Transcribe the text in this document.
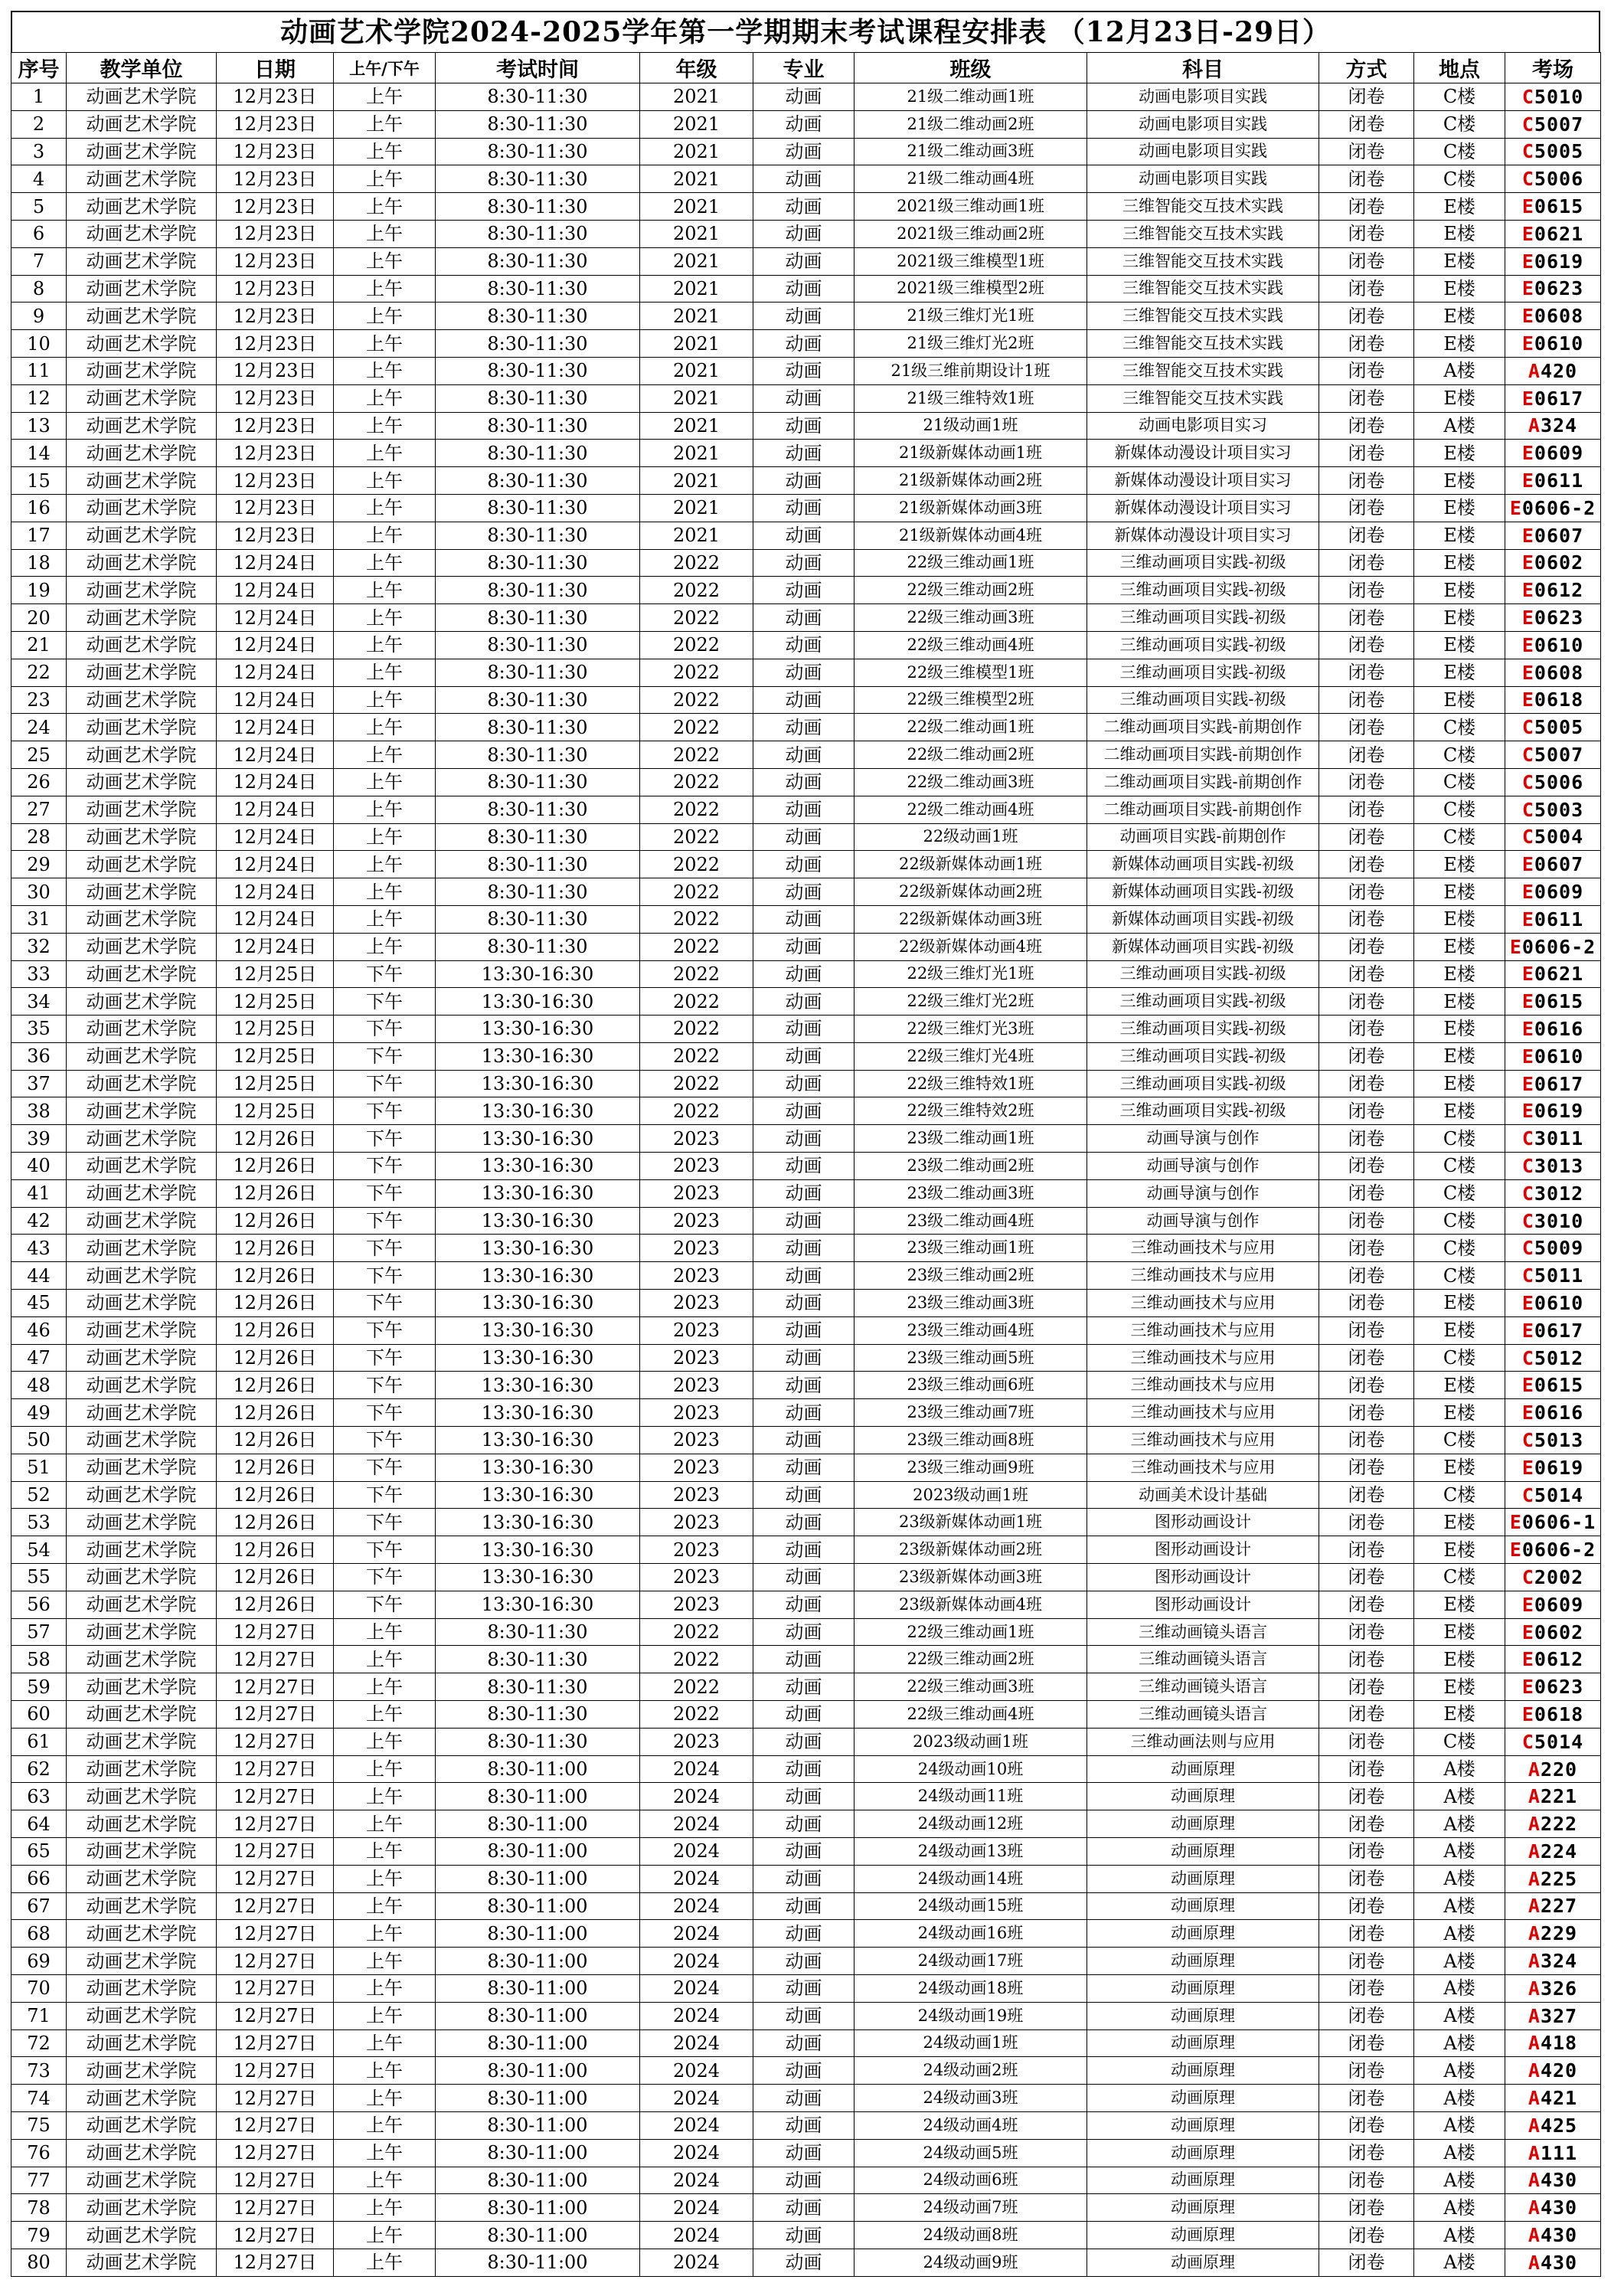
动画艺术学院2024-2025学年第一学期期末考试课程安排表 （12月23日-29日）
序号	教学单位	日期	上午/下午	考试时间	年级	专业	班级	科目	方式	地点	考场
1	动画艺术学院	12月23日	上午	8:30-11:30	2021	动画	21级二维动画1班	动画电影项目实践	闭卷	C楼	C5010
2	动画艺术学院	12月23日	上午	8:30-11:30	2021	动画	21级二维动画2班	动画电影项目实践	闭卷	C楼	C5007
3	动画艺术学院	12月23日	上午	8:30-11:30	2021	动画	21级二维动画3班	动画电影项目实践	闭卷	C楼	C5005
4	动画艺术学院	12月23日	上午	8:30-11:30	2021	动画	21级二维动画4班	动画电影项目实践	闭卷	C楼	C5006
5	动画艺术学院	12月23日	上午	8:30-11:30	2021	动画	2021级三维动画1班	三维智能交互技术实践	闭卷	E楼	E0615
6	动画艺术学院	12月23日	上午	8:30-11:30	2021	动画	2021级三维动画2班	三维智能交互技术实践	闭卷	E楼	E0621
7	动画艺术学院	12月23日	上午	8:30-11:30	2021	动画	2021级三维模型1班	三维智能交互技术实践	闭卷	E楼	E0619
8	动画艺术学院	12月23日	上午	8:30-11:30	2021	动画	2021级三维模型2班	三维智能交互技术实践	闭卷	E楼	E0623
9	动画艺术学院	12月23日	上午	8:30-11:30	2021	动画	21级三维灯光1班	三维智能交互技术实践	闭卷	E楼	E0608
10	动画艺术学院	12月23日	上午	8:30-11:30	2021	动画	21级三维灯光2班	三维智能交互技术实践	闭卷	E楼	E0610
11	动画艺术学院	12月23日	上午	8:30-11:30	2021	动画	21级三维前期设计1班	三维智能交互技术实践	闭卷	A楼	A420
12	动画艺术学院	12月23日	上午	8:30-11:30	2021	动画	21级三维特效1班	三维智能交互技术实践	闭卷	E楼	E0617
13	动画艺术学院	12月23日	上午	8:30-11:30	2021	动画	21级动画1班	动画电影项目实习	闭卷	A楼	A324
14	动画艺术学院	12月23日	上午	8:30-11:30	2021	动画	21级新媒体动画1班	新媒体动漫设计项目实习	闭卷	E楼	E0609
15	动画艺术学院	12月23日	上午	8:30-11:30	2021	动画	21级新媒体动画2班	新媒体动漫设计项目实习	闭卷	E楼	E0611
16	动画艺术学院	12月23日	上午	8:30-11:30	2021	动画	21级新媒体动画3班	新媒体动漫设计项目实习	闭卷	E楼	E0606-2
17	动画艺术学院	12月23日	上午	8:30-11:30	2021	动画	21级新媒体动画4班	新媒体动漫设计项目实习	闭卷	E楼	E0607
18	动画艺术学院	12月24日	上午	8:30-11:30	2022	动画	22级三维动画1班	三维动画项目实践-初级	闭卷	E楼	E0602
19	动画艺术学院	12月24日	上午	8:30-11:30	2022	动画	22级三维动画2班	三维动画项目实践-初级	闭卷	E楼	E0612
20	动画艺术学院	12月24日	上午	8:30-11:30	2022	动画	22级三维动画3班	三维动画项目实践-初级	闭卷	E楼	E0623
21	动画艺术学院	12月24日	上午	8:30-11:30	2022	动画	22级三维动画4班	三维动画项目实践-初级	闭卷	E楼	E0610
22	动画艺术学院	12月24日	上午	8:30-11:30	2022	动画	22级三维模型1班	三维动画项目实践-初级	闭卷	E楼	E0608
23	动画艺术学院	12月24日	上午	8:30-11:30	2022	动画	22级三维模型2班	三维动画项目实践-初级	闭卷	E楼	E0618
24	动画艺术学院	12月24日	上午	8:30-11:30	2022	动画	22级二维动画1班	二维动画项目实践-前期创作	闭卷	C楼	C5005
25	动画艺术学院	12月24日	上午	8:30-11:30	2022	动画	22级二维动画2班	二维动画项目实践-前期创作	闭卷	C楼	C5007
26	动画艺术学院	12月24日	上午	8:30-11:30	2022	动画	22级二维动画3班	二维动画项目实践-前期创作	闭卷	C楼	C5006
27	动画艺术学院	12月24日	上午	8:30-11:30	2022	动画	22级二维动画4班	二维动画项目实践-前期创作	闭卷	C楼	C5003
28	动画艺术学院	12月24日	上午	8:30-11:30	2022	动画	22级动画1班	动画项目实践-前期创作	闭卷	C楼	C5004
29	动画艺术学院	12月24日	上午	8:30-11:30	2022	动画	22级新媒体动画1班	新媒体动画项目实践-初级	闭卷	E楼	E0607
30	动画艺术学院	12月24日	上午	8:30-11:30	2022	动画	22级新媒体动画2班	新媒体动画项目实践-初级	闭卷	E楼	E0609
31	动画艺术学院	12月24日	上午	8:30-11:30	2022	动画	22级新媒体动画3班	新媒体动画项目实践-初级	闭卷	E楼	E0611
32	动画艺术学院	12月24日	上午	8:30-11:30	2022	动画	22级新媒体动画4班	新媒体动画项目实践-初级	闭卷	E楼	E0606-2
33	动画艺术学院	12月25日	下午	13:30-16:30	2022	动画	22级三维灯光1班	三维动画项目实践-初级	闭卷	E楼	E0621
34	动画艺术学院	12月25日	下午	13:30-16:30	2022	动画	22级三维灯光2班	三维动画项目实践-初级	闭卷	E楼	E0615
35	动画艺术学院	12月25日	下午	13:30-16:30	2022	动画	22级三维灯光3班	三维动画项目实践-初级	闭卷	E楼	E0616
36	动画艺术学院	12月25日	下午	13:30-16:30	2022	动画	22级三维灯光4班	三维动画项目实践-初级	闭卷	E楼	E0610
37	动画艺术学院	12月25日	下午	13:30-16:30	2022	动画	22级三维特效1班	三维动画项目实践-初级	闭卷	E楼	E0617
38	动画艺术学院	12月25日	下午	13:30-16:30	2022	动画	22级三维特效2班	三维动画项目实践-初级	闭卷	E楼	E0619
39	动画艺术学院	12月26日	下午	13:30-16:30	2023	动画	23级二维动画1班	动画导演与创作	闭卷	C楼	C3011
40	动画艺术学院	12月26日	下午	13:30-16:30	2023	动画	23级二维动画2班	动画导演与创作	闭卷	C楼	C3013
41	动画艺术学院	12月26日	下午	13:30-16:30	2023	动画	23级二维动画3班	动画导演与创作	闭卷	C楼	C3012
42	动画艺术学院	12月26日	下午	13:30-16:30	2023	动画	23级二维动画4班	动画导演与创作	闭卷	C楼	C3010
43	动画艺术学院	12月26日	下午	13:30-16:30	2023	动画	23级三维动画1班	三维动画技术与应用	闭卷	C楼	C5009
44	动画艺术学院	12月26日	下午	13:30-16:30	2023	动画	23级三维动画2班	三维动画技术与应用	闭卷	C楼	C5011
45	动画艺术学院	12月26日	下午	13:30-16:30	2023	动画	23级三维动画3班	三维动画技术与应用	闭卷	E楼	E0610
46	动画艺术学院	12月26日	下午	13:30-16:30	2023	动画	23级三维动画4班	三维动画技术与应用	闭卷	E楼	E0617
47	动画艺术学院	12月26日	下午	13:30-16:30	2023	动画	23级三维动画5班	三维动画技术与应用	闭卷	C楼	C5012
48	动画艺术学院	12月26日	下午	13:30-16:30	2023	动画	23级三维动画6班	三维动画技术与应用	闭卷	E楼	E0615
49	动画艺术学院	12月26日	下午	13:30-16:30	2023	动画	23级三维动画7班	三维动画技术与应用	闭卷	E楼	E0616
50	动画艺术学院	12月26日	下午	13:30-16:30	2023	动画	23级三维动画8班	三维动画技术与应用	闭卷	C楼	C5013
51	动画艺术学院	12月26日	下午	13:30-16:30	2023	动画	23级三维动画9班	三维动画技术与应用	闭卷	E楼	E0619
52	动画艺术学院	12月26日	下午	13:30-16:30	2023	动画	2023级动画1班	动画美术设计基础	闭卷	C楼	C5014
53	动画艺术学院	12月26日	下午	13:30-16:30	2023	动画	23级新媒体动画1班	图形动画设计	闭卷	E楼	E0606-1
54	动画艺术学院	12月26日	下午	13:30-16:30	2023	动画	23级新媒体动画2班	图形动画设计	闭卷	E楼	E0606-2
55	动画艺术学院	12月26日	下午	13:30-16:30	2023	动画	23级新媒体动画3班	图形动画设计	闭卷	C楼	C2002
56	动画艺术学院	12月26日	下午	13:30-16:30	2023	动画	23级新媒体动画4班	图形动画设计	闭卷	E楼	E0609
57	动画艺术学院	12月27日	上午	8:30-11:30	2022	动画	22级三维动画1班	三维动画镜头语言	闭卷	E楼	E0602
58	动画艺术学院	12月27日	上午	8:30-11:30	2022	动画	22级三维动画2班	三维动画镜头语言	闭卷	E楼	E0612
59	动画艺术学院	12月27日	上午	8:30-11:30	2022	动画	22级三维动画3班	三维动画镜头语言	闭卷	E楼	E0623
60	动画艺术学院	12月27日	上午	8:30-11:30	2022	动画	22级三维动画4班	三维动画镜头语言	闭卷	E楼	E0618
61	动画艺术学院	12月27日	上午	8:30-11:30	2023	动画	2023级动画1班	三维动画法则与应用	闭卷	C楼	C5014
62	动画艺术学院	12月27日	上午	8:30-11:00	2024	动画	24级动画10班	动画原理	闭卷	A楼	A220
63	动画艺术学院	12月27日	上午	8:30-11:00	2024	动画	24级动画11班	动画原理	闭卷	A楼	A221
64	动画艺术学院	12月27日	上午	8:30-11:00	2024	动画	24级动画12班	动画原理	闭卷	A楼	A222
65	动画艺术学院	12月27日	上午	8:30-11:00	2024	动画	24级动画13班	动画原理	闭卷	A楼	A224
66	动画艺术学院	12月27日	上午	8:30-11:00	2024	动画	24级动画14班	动画原理	闭卷	A楼	A225
67	动画艺术学院	12月27日	上午	8:30-11:00	2024	动画	24级动画15班	动画原理	闭卷	A楼	A227
68	动画艺术学院	12月27日	上午	8:30-11:00	2024	动画	24级动画16班	动画原理	闭卷	A楼	A229
69	动画艺术学院	12月27日	上午	8:30-11:00	2024	动画	24级动画17班	动画原理	闭卷	A楼	A324
70	动画艺术学院	12月27日	上午	8:30-11:00	2024	动画	24级动画18班	动画原理	闭卷	A楼	A326
71	动画艺术学院	12月27日	上午	8:30-11:00	2024	动画	24级动画19班	动画原理	闭卷	A楼	A327
72	动画艺术学院	12月27日	上午	8:30-11:00	2024	动画	24级动画1班	动画原理	闭卷	A楼	A418
73	动画艺术学院	12月27日	上午	8:30-11:00	2024	动画	24级动画2班	动画原理	闭卷	A楼	A420
74	动画艺术学院	12月27日	上午	8:30-11:00	2024	动画	24级动画3班	动画原理	闭卷	A楼	A421
75	动画艺术学院	12月27日	上午	8:30-11:00	2024	动画	24级动画4班	动画原理	闭卷	A楼	A425
76	动画艺术学院	12月27日	上午	8:30-11:00	2024	动画	24级动画5班	动画原理	闭卷	A楼	A111
77	动画艺术学院	12月27日	上午	8:30-11:00	2024	动画	24级动画6班	动画原理	闭卷	A楼	A430
78	动画艺术学院	12月27日	上午	8:30-11:00	2024	动画	24级动画7班	动画原理	闭卷	A楼	A430
79	动画艺术学院	12月27日	上午	8:30-11:00	2024	动画	24级动画8班	动画原理	闭卷	A楼	A430
80	动画艺术学院	12月27日	上午	8:30-11:00	2024	动画	24级动画9班	动画原理	闭卷	A楼	A430
